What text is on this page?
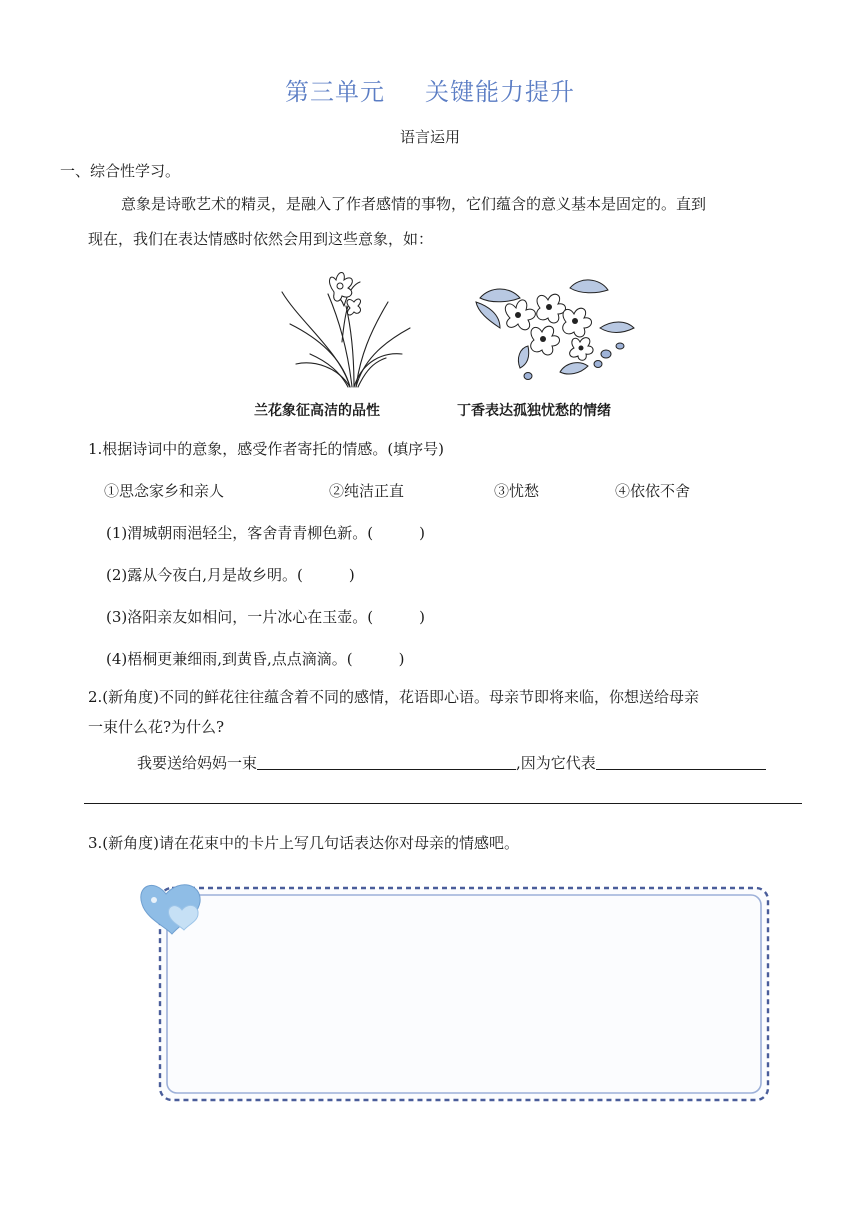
第三单元 关键能力提升
语言运用
一、综合性学习。
意象是诗歌艺术的精灵，是融入了作者感情的事物，它们蕴含的意义基本是固定的。直到
现在，我们在表达情感时依然会用到这些意象，如：
兰花象征高洁的品性	丁香表达孤独忧愁的情绪
1.根据诗词中的意象，感受作者寄托的情感。(填序号)
①思念家乡和亲人	②纯洁正直	③忧愁	④依依不舍
(1)渭城朝雨浥轻尘，客舍青青柳色新。(	)
(2)露从今夜白,月是故乡明。(	)
(3)洛阳亲友如相问，一片冰心在玉壶。(	)
(4)梧桐更兼细雨,到黄昏,点点滴滴。(	)
2.(新角度)不同的鲜花往往蕴含着不同的感情，花语即心语。母亲节即将来临，你想送给母亲
一束什么花?为什么?
我要送给妈妈一束	,因为它代表
3.(新角度)请在花束中的卡片上写几句话表达你对母亲的情感吧。
